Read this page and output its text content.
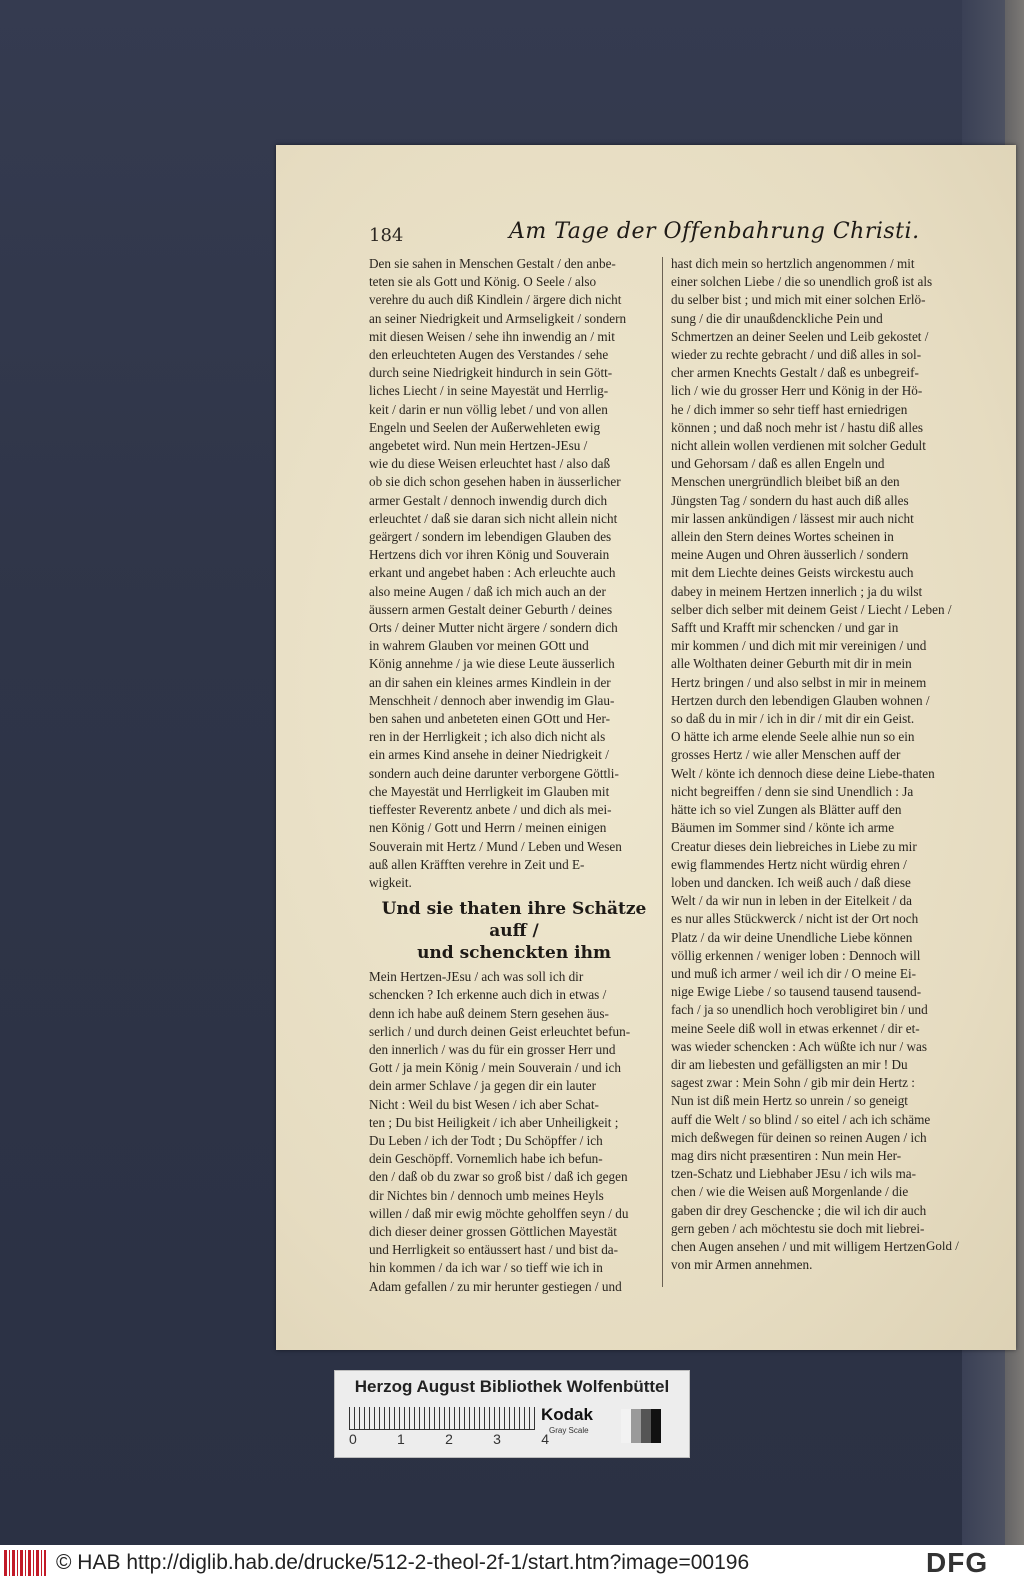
184	Am Tage der Offenbahrung Christi.
Den sie sahen in Menschen Gestalt / den anbe-
teten sie als Gott und König. O Seele / also
verehre du auch diß Kindlein / ärgere dich nicht
an seiner Niedrigkeit und Armseligkeit / sondern
mit diesen Weisen / sehe ihn inwendig an / mit
den erleuchteten Augen des Verstandes / sehe
durch seine Niedrigkeit hindurch in sein Gött-
liches Liecht / in seine Mayestät und Herrlig-
keit / darin er nun völlig lebet / und von allen
Engeln und Seelen der Außerwehleten ewig
angebetet wird. Nun mein Hertzen-JEsu /
wie du diese Weisen erleuchtet hast / also daß
ob sie dich schon gesehen haben in äusserlicher
armer Gestalt / dennoch inwendig durch dich
erleuchtet / daß sie daran sich nicht allein nicht
geärgert / sondern im lebendigen Glauben des
Hertzens dich vor ihren König und Souverain
erkant und angebet haben : Ach erleuchte auch
also meine Augen / daß ich mich auch an der
äussern armen Gestalt deiner Geburth / deines
Orts / deiner Mutter nicht ärgere / sondern dich
in wahrem Glauben vor meinen GOtt und
König annehme / ja wie diese Leute äusserlich
an dir sahen ein kleines armes Kindlein in der
Menschheit / dennoch aber inwendig im Glau-
ben sahen und anbeteten einen GOtt und Her-
ren in der Herrligkeit ; ich also dich nicht als
ein armes Kind ansehe in deiner Niedrigkeit /
sondern auch deine darunter verborgene Göttli-
che Mayestät und Herrligkeit im Glauben mit
tieffester Reverentz anbete / und dich als mei-
nen König / Gott und Herrn / meinen einigen
Souverain mit Hertz / Mund / Leben und Wesen
auß allen Kräfften verehre in Zeit und E-
wigkeit.
Und sie thaten ihre Schätze auff /
und schenckten ihm
Mein Hertzen-JEsu / ach was soll ich dir
schencken ? Ich erkenne auch dich in etwas /
denn ich habe auß deinem Stern gesehen äus-
serlich / und durch deinen Geist erleuchtet befun-
den innerlich / was du für ein grosser Herr und
Gott / ja mein König / mein Souverain / und ich
dein armer Schlave / ja gegen dir ein lauter
Nicht : Weil du bist Wesen / ich aber Schat-
ten ; Du bist Heiligkeit / ich aber Unheiligkeit ;
Du Leben / ich der Todt ; Du Schöpffer / ich
dein Geschöpff. Vornemlich habe ich befun-
den / daß ob du zwar so groß bist / daß ich gegen
dir Nichtes bin / dennoch umb meines Heyls
willen / daß mir ewig möchte geholffen seyn / du
dich dieser deiner grossen Göttlichen Mayestät
und Herrligkeit so entäussert hast / und bist da-
hin kommen / da ich war / so tieff wie ich in
Adam gefallen / zu mir herunter gestiegen / und
hast dich mein so hertzlich angenommen / mit
einer solchen Liebe / die so unendlich groß ist als
du selber bist ; und mich mit einer solchen Erlö-
sung / die dir unaußdenckliche Pein und
Schmertzen an deiner Seelen und Leib gekostet /
wieder zu rechte gebracht / und diß alles in sol-
cher armen Knechts Gestalt / daß es unbegreif-
lich / wie du grosser Herr und König in der Hö-
he / dich immer so sehr tieff hast erniedrigen
können ; und daß noch mehr ist / hastu diß alles
nicht allein wollen verdienen mit solcher Gedult
und Gehorsam / daß es allen Engeln und
Menschen unergründlich bleibet biß an den
Jüngsten Tag / sondern du hast auch diß alles
mir lassen ankündigen / lässest mir auch nicht
allein den Stern deines Wortes scheinen in
meine Augen und Ohren äusserlich / sondern
mit dem Liechte deines Geists wirckestu auch
dabey in meinem Hertzen innerlich ; ja du wilst
selber dich selber mit deinem Geist / Liecht / Leben /
Safft und Krafft mir schencken / und gar in
mir kommen / und dich mit mir vereinigen / und
alle Wolthaten deiner Geburth mit dir in mein
Hertz bringen / und also selbst in mir in meinem
Hertzen durch den lebendigen Glauben wohnen /
so daß du in mir / ich in dir / mit dir ein Geist.
O hätte ich arme elende Seele alhie nun so ein
grosses Hertz / wie aller Menschen auff der
Welt / könte ich dennoch diese deine Liebe-thaten
nicht begreiffen / denn sie sind Unendlich : Ja
hätte ich so viel Zungen als Blätter auff den
Bäumen im Sommer sind / könte ich arme
Creatur dieses dein liebreiches in Liebe zu mir
ewig flammendes Hertz nicht würdig ehren /
loben und dancken. Ich weiß auch / daß diese
Welt / da wir nun in leben in der Eitelkeit / da
es nur alles Stückwerck / nicht ist der Ort noch
Platz / da wir deine Unendliche Liebe können
völlig erkennen / weniger loben : Dennoch will
und muß ich armer / weil ich dir / O meine Ei-
nige Ewige Liebe / so tausend tausend tausend-
fach / ja so unendlich hoch verobligiret bin / und
meine Seele diß woll in etwas erkennet / dir et-
was wieder schencken : Ach wüßte ich nur / was
dir am liebesten und gefälligsten an mir ! Du
sagest zwar : Mein Sohn / gib mir dein Hertz :
Nun ist diß mein Hertz so unrein / so geneigt
auff die Welt / so blind / so eitel / ach ich schäme
mich deßwegen für deinen so reinen Augen / ich
mag dirs nicht præsentiren : Nun mein Her-
tzen-Schatz und Liebhaber JEsu / ich wils ma-
chen / wie die Weisen auß Morgenlande / die
gaben dir drey Geschencke ; die wil ich dir auch
gern geben / ach möchtestu sie doch mit liebrei-
chen Augen ansehen / und mit willigem Hertzen
von mir Armen annehmen.
Gold /
Herzog August Bibliothek Wolfenbüttel
0	1	2	3	4
Kodak
Gray Scale
© HAB http://diglib.hab.de/drucke/512-2-theol-2f-1/start.htm?image=00196	DFG
